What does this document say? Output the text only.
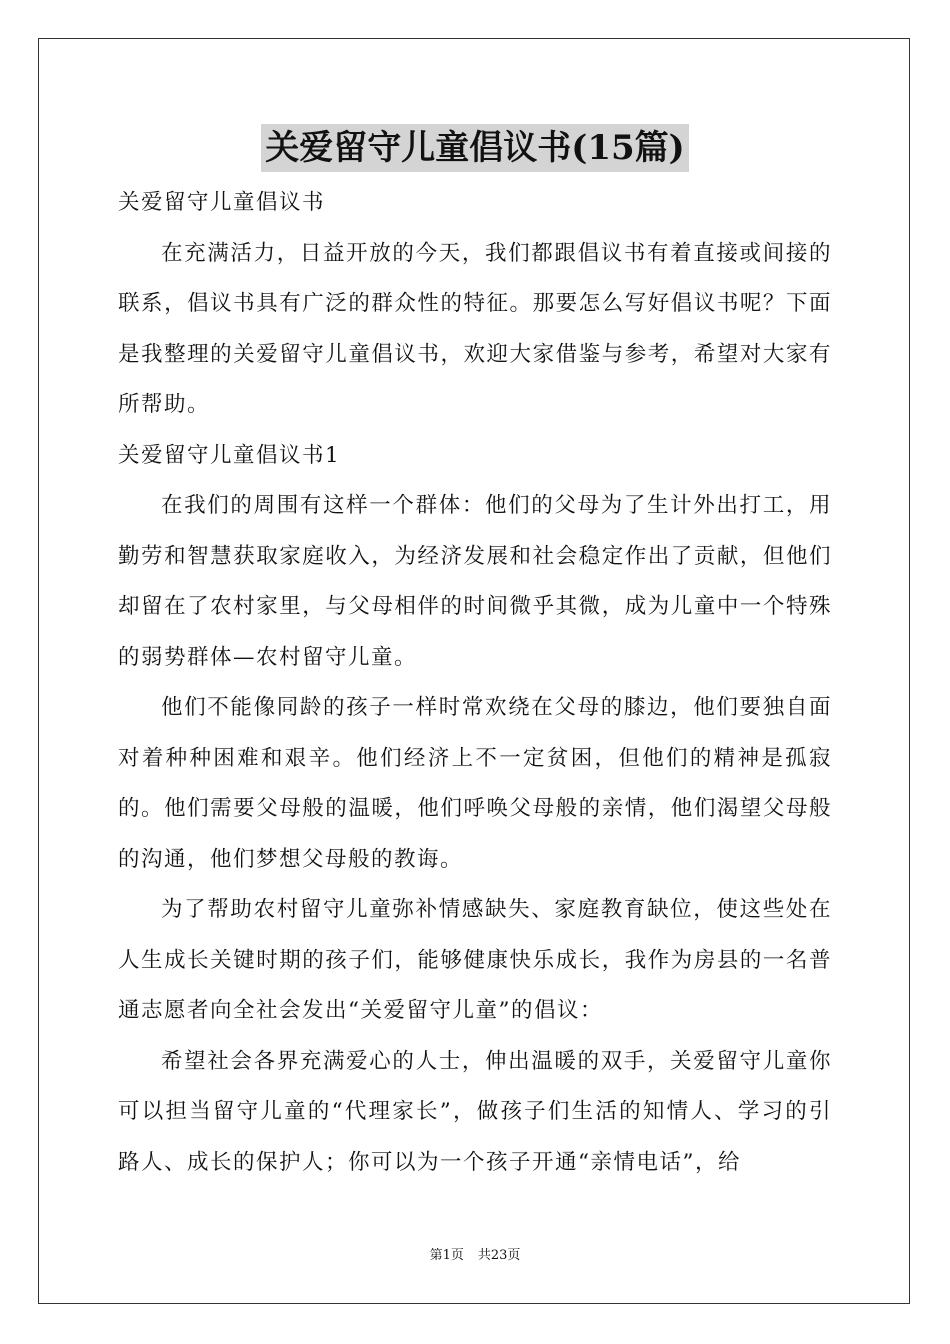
关爱留守儿童倡议书(15篇)

关爱留守儿童倡议书

在充满活力，日益开放的今天，我们都跟倡议书有着直接或间接的联系，倡议书具有广泛的群众性的特征。那要怎么写好倡议书呢？下面是我整理的关爱留守儿童倡议书，欢迎大家借鉴与参考，希望对大家有所帮助。

关爱留守儿童倡议书1

在我们的周围有这样一个群体：他们的父母为了生计外出打工，用勤劳和智慧获取家庭收入，为经济发展和社会稳定作出了贡献，但他们却留在了农村家里，与父母相伴的时间微乎其微，成为儿童中一个特殊的弱势群体—农村留守儿童。

他们不能像同龄的孩子一样时常欢绕在父母的膝边，他们要独自面对着种种困难和艰辛。他们经济上不一定贫困，但他们的精神是孤寂的。他们需要父母般的温暖，他们呼唤父母般的亲情，他们渴望父母般的沟通，他们梦想父母般的教诲。

为了帮助农村留守儿童弥补情感缺失、家庭教育缺位，使这些处在人生成长关键时期的孩子们，能够健康快乐成长，我作为房县的一名普通志愿者向全社会发出“关爱留守儿童”的倡议：

希望社会各界充满爱心的人士，伸出温暖的双手，关爱留守儿童你可以担当留守儿童的“代理家长”，做孩子们生活的知情人、学习的引路人、成长的保护人；你可以为一个孩子开通“亲情电话”，给

第1页 共23页
